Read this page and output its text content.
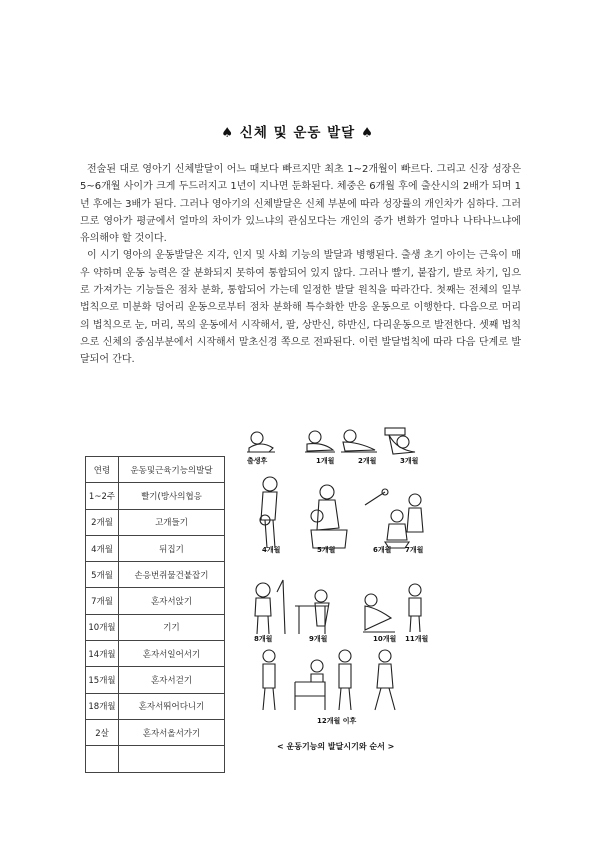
♠ 신체 및 운동 발달 ♠

전술된 대로 영아기 신체발달이 어느 때보다 빠르지만 최초 1~2개월이 빠르다. 그리고 신장 성장은 5~6개월 사이가 크게 두드러지고 1년이 지나면 둔화된다. 체중은 6개월 후에 출산시의 2배가 되며 1년 후에는 3배가 된다. 그러나 영아기의 신체발달은 신체 부분에 따라 성장률의 개인차가 심하다. 그러므로 영아가 평균에서 얼마의 차이가 있느냐의 관심모다는 개인의 증가 변화가 얼마나 나타나느냐에 유의해야 할 것이다.

이 시기 영아의 운동발달은 지각, 인지 및 사회 기능의 발달과 병행된다. 출생 초기 아이는 근육이 매우 약하며 운동 능력은 잘 분화되지 못하여 통합되어 있지 않다. 그러나 빨기, 붙잡기, 발로 차기, 입으로 가져가는 기능들은 점차 분화, 통합되어 가는데 일정한 발달 원칙을 따라간다. 첫째는 전체의 일부법칙으로 미분화 덩어리 운동으로부터 점차 분화해 특수화한 반응 운동으로 이행한다. 다음으로 머리의 법칙으로 눈, 머리, 목의 운동에서 시작해서, 팔, 상반신, 하반신, 다리운동으로 발전한다. 셋째 법칙으로 신체의 중심부분에서 시작해서 말초신경 쪽으로 전파된다. 이런 발달법칙에 따라 다음 단계로 발달되어 간다.

연령	운동및근육기능의발달
1~2주	빨기(방사의협응
2개월	고개들기
4개월	뒤집기
5개월	손응번쥐물건붙잡기
7개월	혼자서앉기
10개월	기기
14개월	혼자서일어서기
15개월	혼자서걷기
18개월	혼자서뛰어다니기
2살	혼자서올서가기

출생후	1개월	2개월	3개월
4개월	5개월	6개월 7개월
8개월	9개월	10개월 11개월
12개월 이후
< 운동기능의 발달시기와 순서 >
